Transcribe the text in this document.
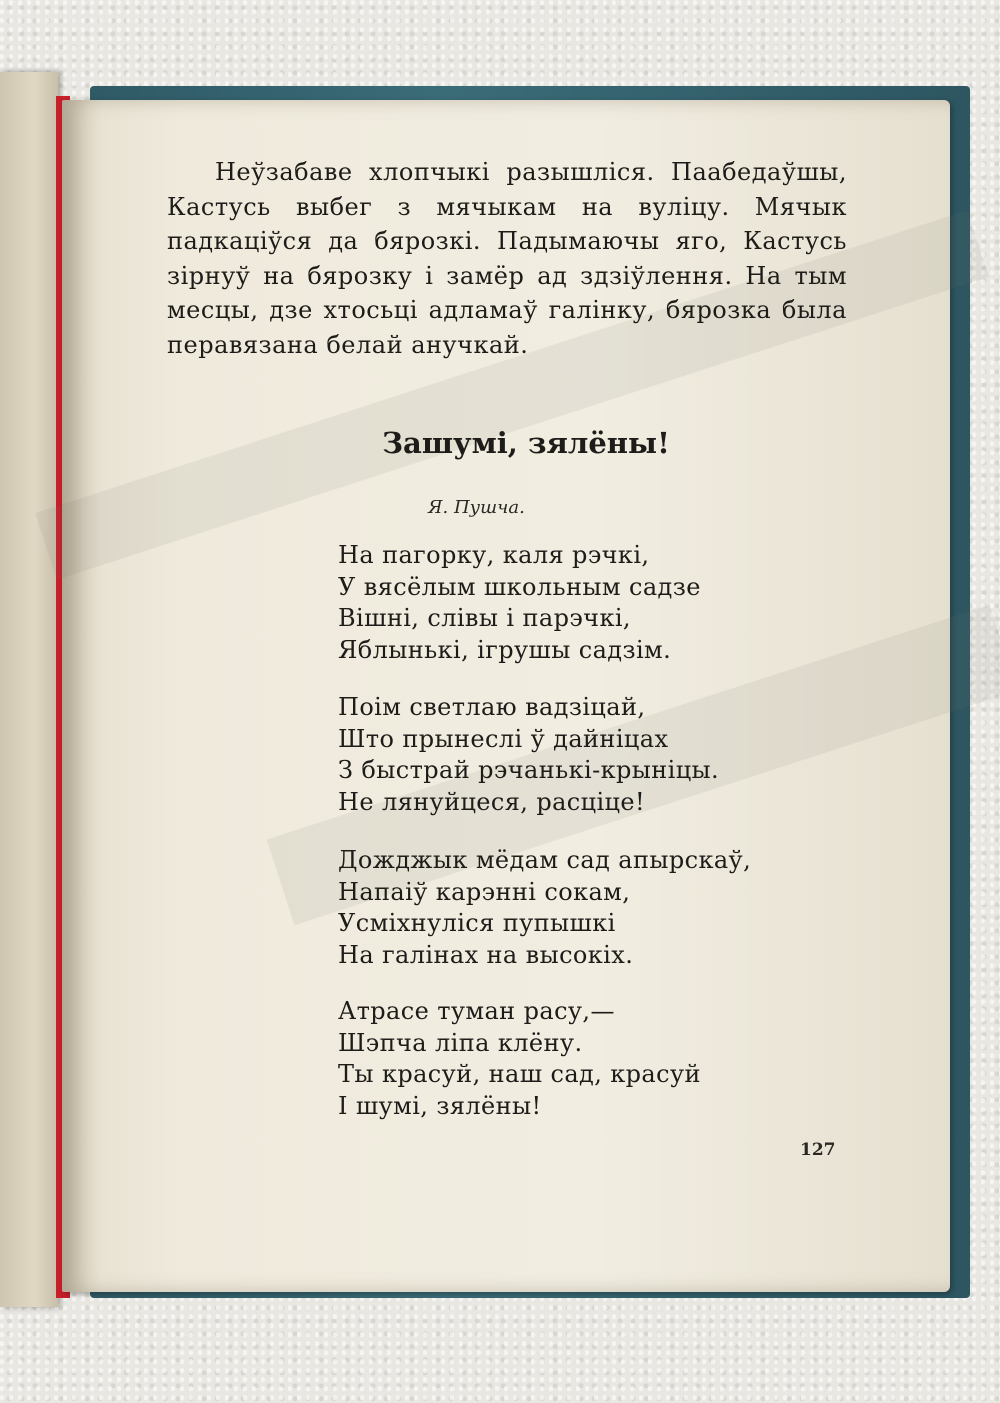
Неўзабаве хлопчыкі разышліся. Паабедаўшы, Кастусь выбег з мячыкам на вуліцу. Мячык падкаціўся да бярозкі. Падымаючы яго, Кастусь зірнуў на бярозку і замёр ад здзіўлення. На тым месцы, дзе хтосьці адламаў галінку, бярозка была перавязана белай анучкай.

Зашумі, зялёны!
Я. Пушча.
На пагорку, каля рэчкі,
У вясёлым школьным садзе
Вішні, слівы і парэчкі,
Яблынькі, ігрушы садзім.
Поім светлаю вадзіцай,
Што прынеслі ў дайніцах
З быстрай рэчанькі-крыніцы.
Не лянуйцеся, расціце!
Дожджык мёдам сад апырскаў,
Напаіў карэнні сокам,
Усміхнуліся пупышкі
На галінах на высокіх.
Атрасе туман расу,—
Шэпча ліпа клёну.
Ты красуй, наш сад, красуй
І шумі, зялёны!
127
